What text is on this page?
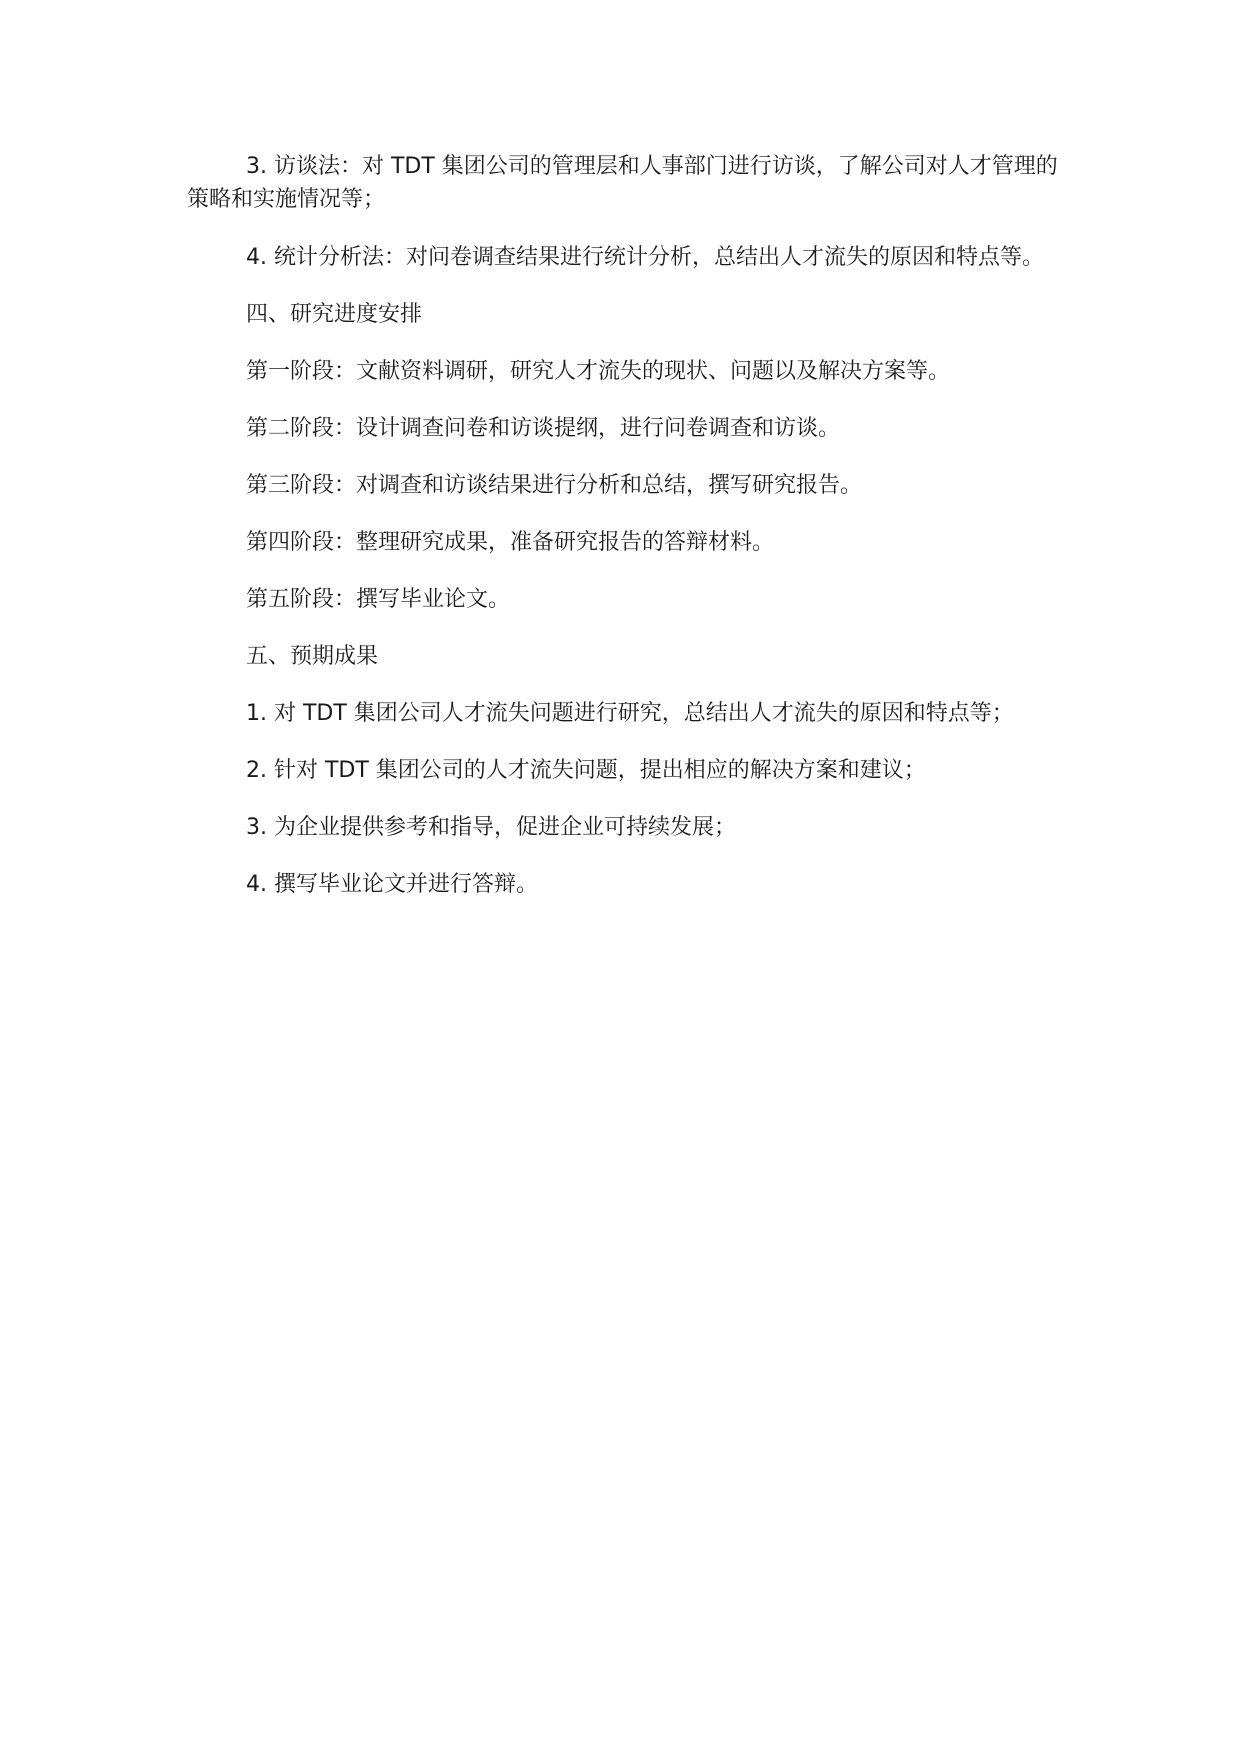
3. 访谈法：对 TDT 集团公司的管理层和人事部门进行访谈，了解公司对人才管理的策略和实施情况等；

4. 统计分析法：对问卷调查结果进行统计分析，总结出人才流失的原因和特点等。

四、研究进度安排

第一阶段：文献资料调研，研究人才流失的现状、问题以及解决方案等。

第二阶段：设计调查问卷和访谈提纲，进行问卷调查和访谈。

第三阶段：对调查和访谈结果进行分析和总结，撰写研究报告。

第四阶段：整理研究成果，准备研究报告的答辩材料。

第五阶段：撰写毕业论文。

五、预期成果

1. 对 TDT 集团公司人才流失问题进行研究，总结出人才流失的原因和特点等；

2. 针对 TDT 集团公司的人才流失问题，提出相应的解决方案和建议；

3. 为企业提供参考和指导，促进企业可持续发展；

4. 撰写毕业论文并进行答辩。
